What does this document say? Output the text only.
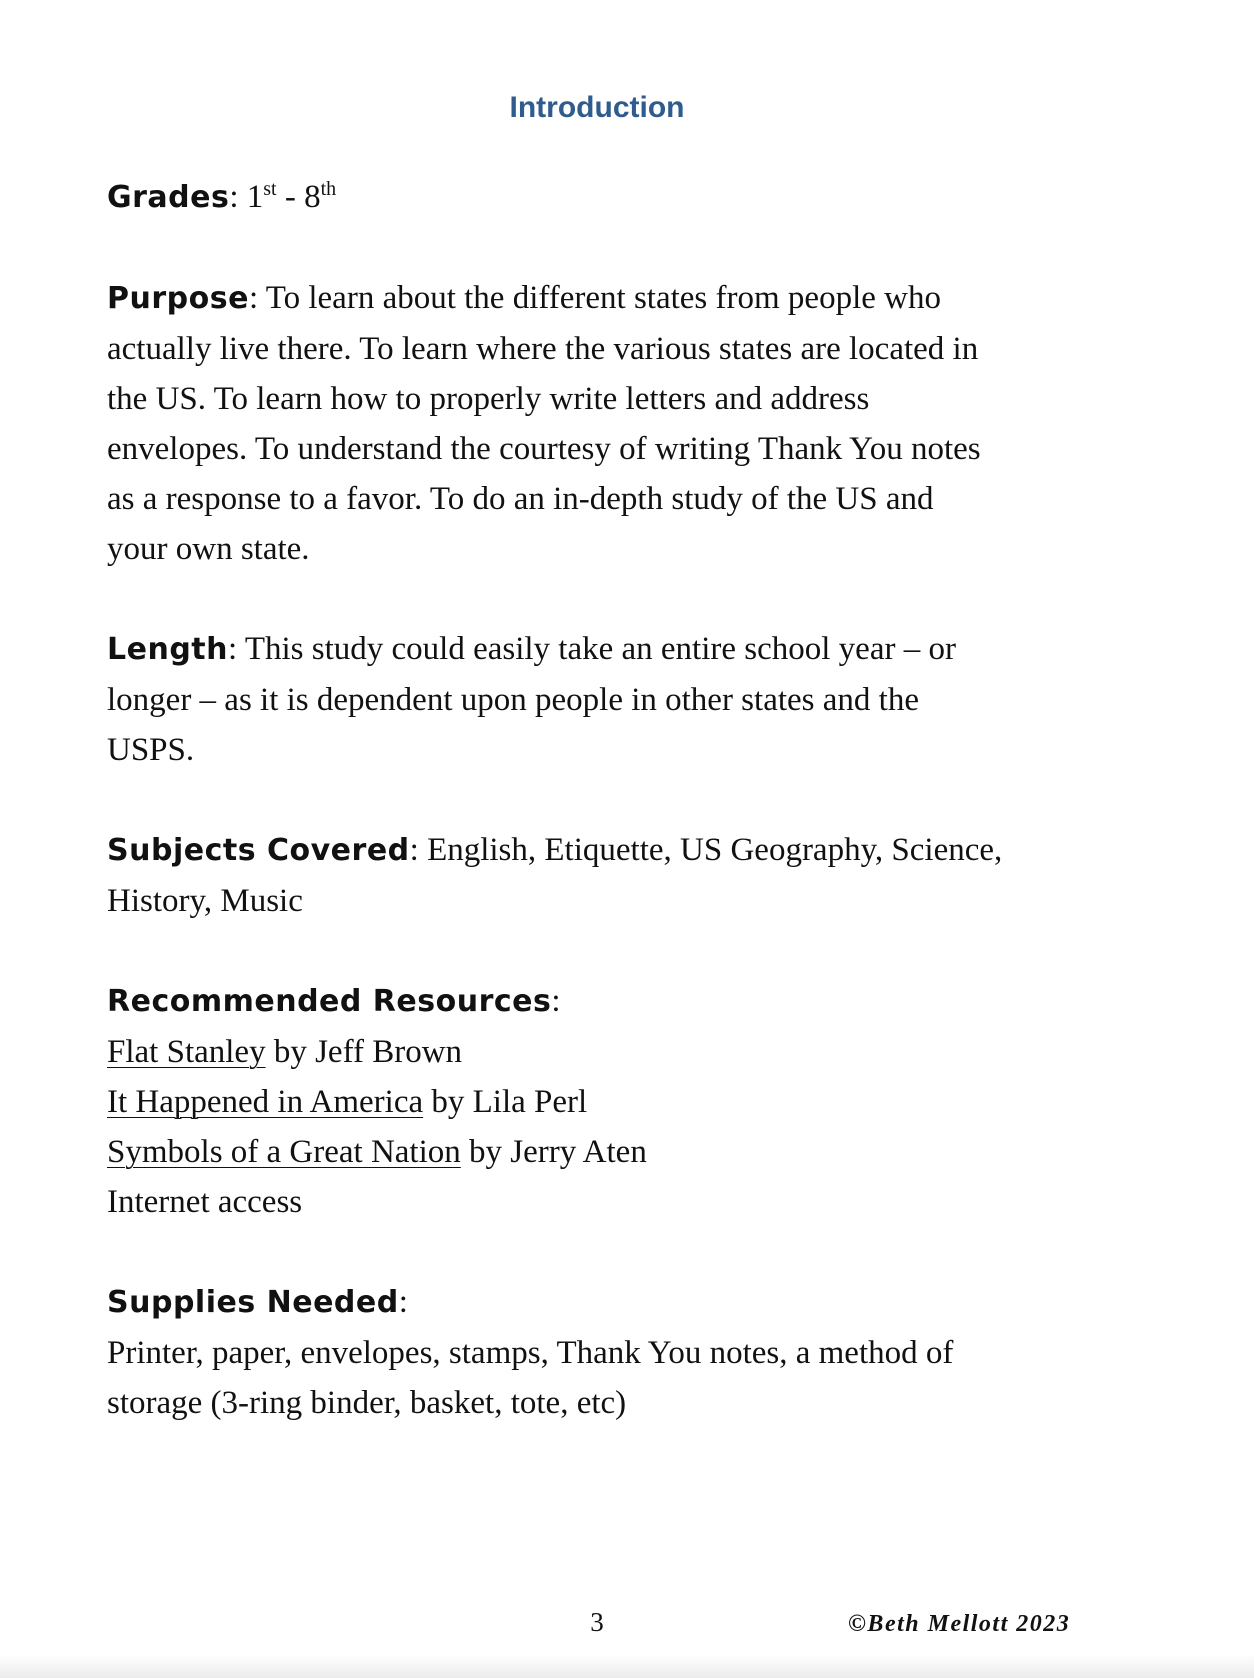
Introduction
Grades: 1st - 8th
Purpose: To learn about the different states from people who
actually live there. To learn where the various states are located in
the US. To learn how to properly write letters and address
envelopes. To understand the courtesy of writing Thank You notes
as a response to a favor. To do an in-depth study of the US and
your own state.
Length: This study could easily take an entire school year – or
longer – as it is dependent upon people in other states and the
USPS.
Subjects Covered: English, Etiquette, US Geography, Science,
History, Music
Recommended Resources:
Flat Stanley by Jeff Brown
It Happened in America by Lila Perl
Symbols of a Great Nation by Jerry Aten
Internet access
Supplies Needed:
Printer, paper, envelopes, stamps, Thank You notes, a method of
storage (3-ring binder, basket, tote, etc)
3	©Beth Mellott 2023
